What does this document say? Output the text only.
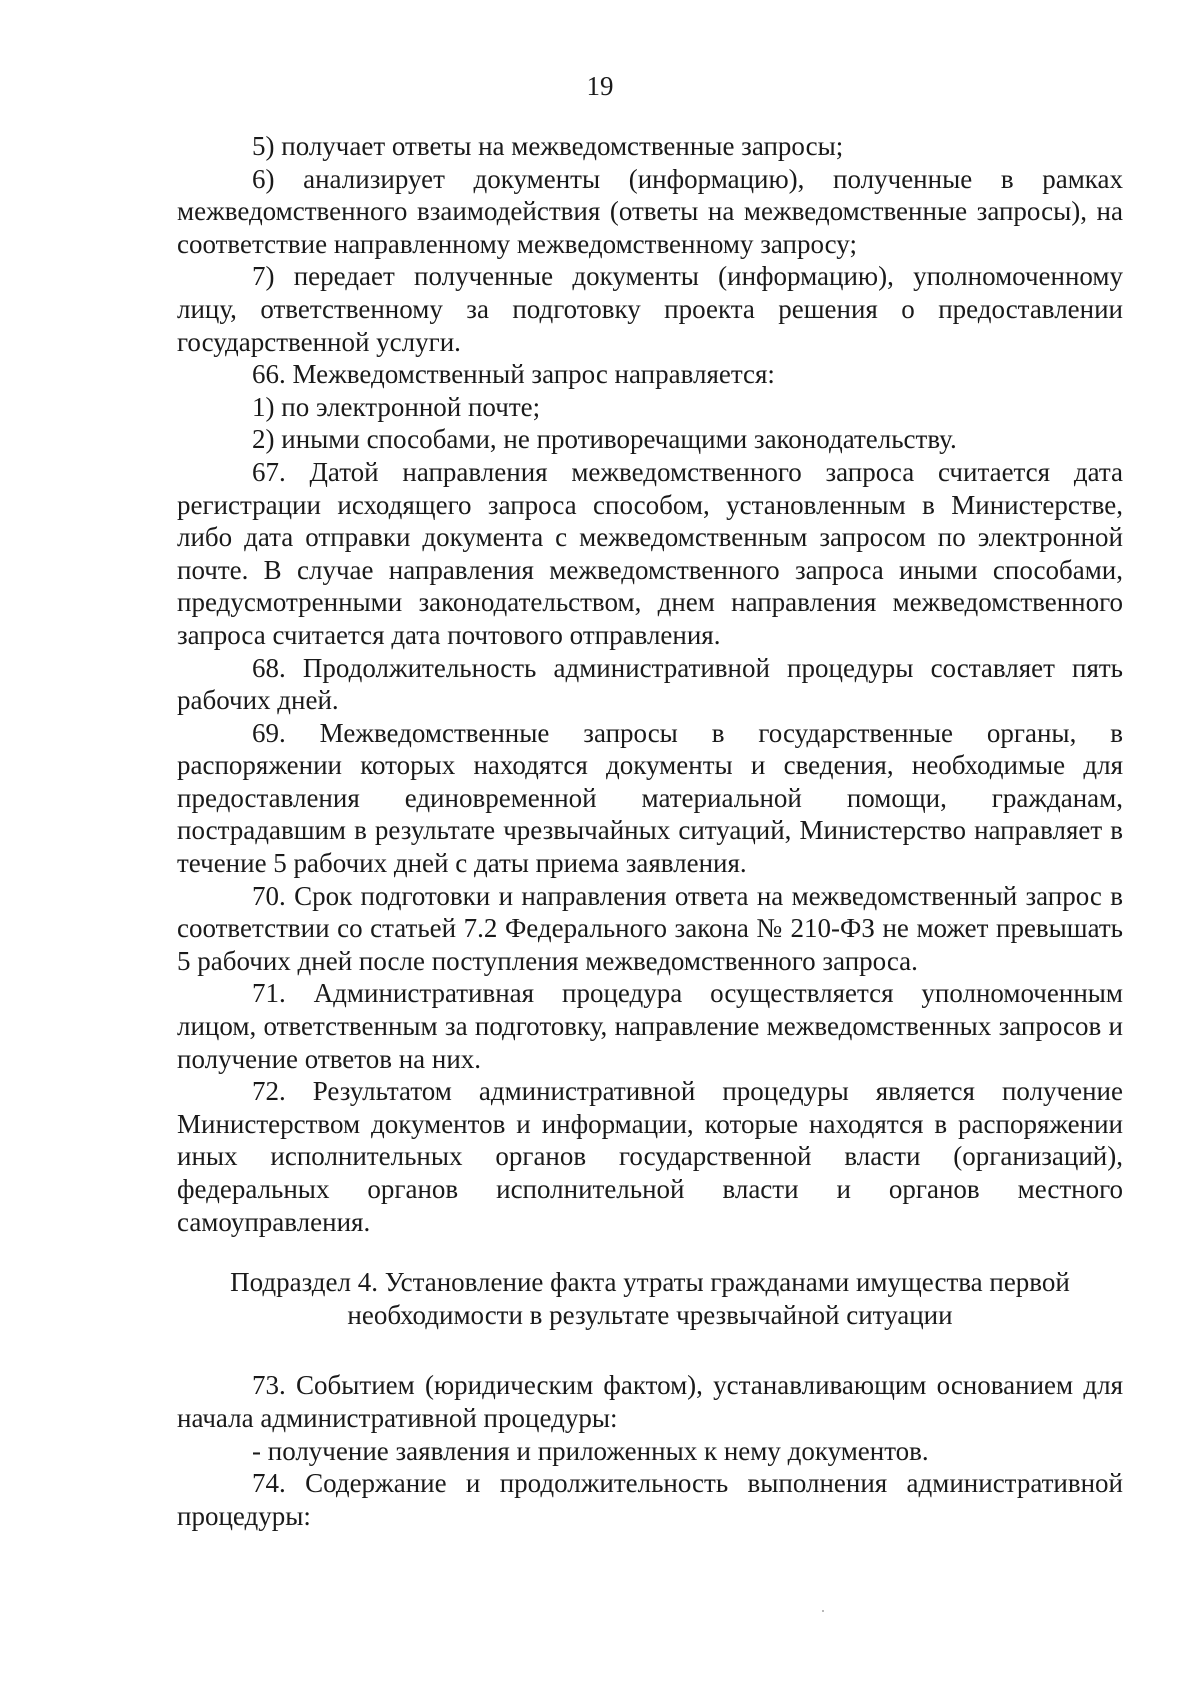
19

5) получает ответы на межведомственные запросы;

6) анализирует документы (информацию), полученные в рамках межведомственного взаимодействия (ответы на межведомственные запросы), на соответствие направленному межведомственному запросу;

7) передает полученные документы (информацию), уполномоченному лицу, ответственному за подготовку проекта решения о предоставлении государственной услуги.

66. Межведомственный запрос направляется:

1) по электронной почте;

2) иными способами, не противоречащими законодательству.

67. Датой направления межведомственного запроса считается дата регистрации исходящего запроса способом, установленным в Министерстве, либо дата отправки документа с межведомственным запросом по электронной почте. В случае направления межведомственного запроса иными способами, предусмотренными законодательством, днем направления межведомственного запроса считается дата почтового отправления.

68. Продолжительность административной процедуры составляет пять рабочих дней.

69. Межведомственные запросы в государственные органы, в распоряжении которых находятся документы и сведения, необходимые для предоставления единовременной материальной помощи, гражданам, пострадавшим в результате чрезвычайных ситуаций, Министерство направляет в течение 5 рабочих дней с даты приема заявления.

70. Срок подготовки и направления ответа на межведомственный запрос в соответствии со статьей 7.2 Федерального закона № 210-ФЗ не может превышать 5 рабочих дней после поступления межведомственного запроса.

71. Административная процедура осуществляется уполномоченным лицом, ответственным за подготовку, направление межведомственных запросов и получение ответов на них.

72. Результатом административной процедуры является получение Министерством документов и информации, которые находятся в распоряжении иных исполнительных органов государственной власти (организаций), федеральных органов исполнительной власти и органов местного самоуправления.

Подраздел 4. Установление факта утраты гражданами имущества первой
необходимости в результате чрезвычайной ситуации

73. Событием (юридическим фактом), устанавливающим основанием для начала административной процедуры:

- получение заявления и приложенных к нему документов.

74. Содержание и продолжительность выполнения административной процедуры:
